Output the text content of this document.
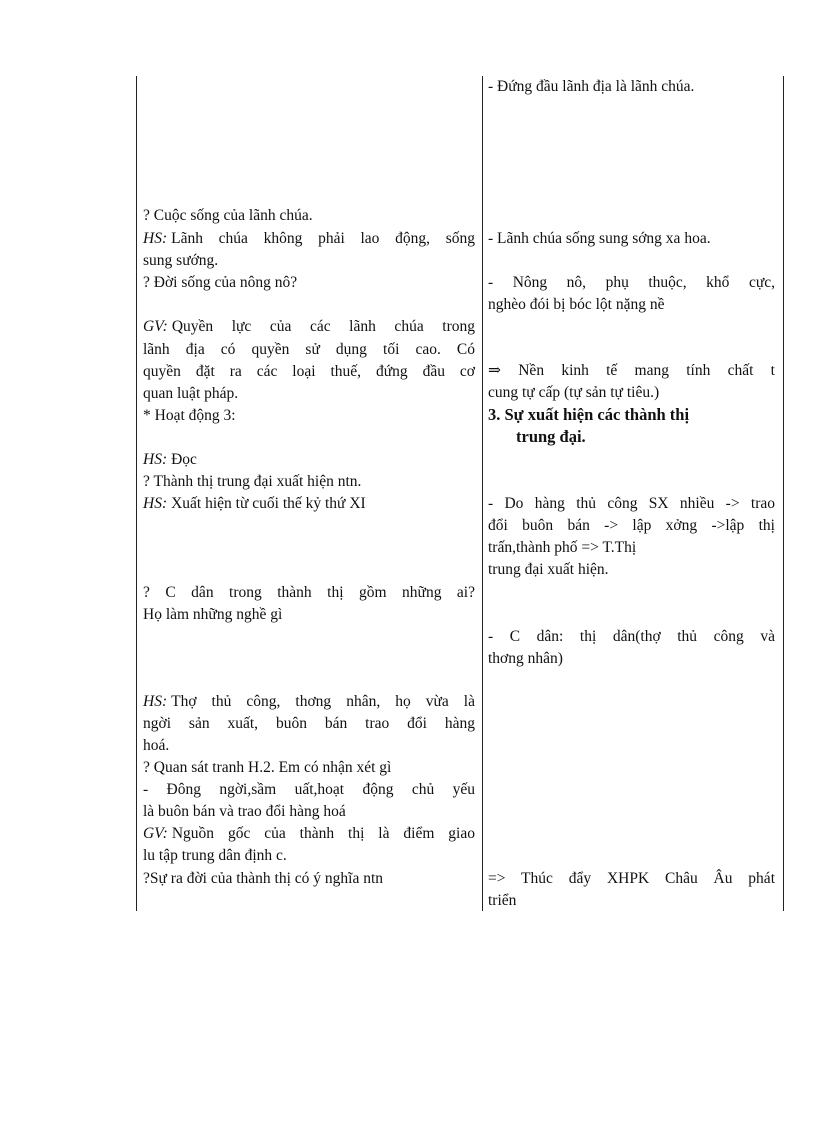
? Cuộc sống của lãnh chúa.
HS: Lãnh chúa không phải lao động, sống
sung sướng.
? Đời sống của nông nô?
GV: Quyền lực của các lãnh chúa trong
lãnh địa có quyền sử dụng tối cao. Có
quyền đặt ra các loại thuế, đứng đầu cơ
quan luật pháp.
* Hoạt động 3:
HS: Đọc
? Thành thị trung đại xuất hiện ntn.
HS: Xuất hiện từ cuối thế kỷ thứ XI
? C dân trong thành thị gồm những ai?
Họ làm những nghề gì
HS: Thợ thủ công, thơng nhân, họ vừa là
ngời sản xuất, buôn bán trao đổi hàng
hoá.
? Quan sát tranh H.2. Em có nhận xét gì
- Đông ngời,sầm uất,hoạt động chủ yếu
là buôn bán và trao đổi hàng hoá
GV: Nguồn gốc của thành thị là điểm giao
lu tập trung dân định c.
?Sự ra đời của thành thị có ý nghĩa ntn
- Đứng đầu lãnh địa là lãnh chúa.
- Lãnh chúa sống sung sớng xa hoa.
- Nông nô, phụ thuộc, khổ cực,
nghèo đói bị bóc lột nặng nề
⇒ Nền kinh tế mang tính chất t
cung tự cấp (tự sản tự tiêu.)
3. Sự xuất hiện các thành thị
trung đại.
- Do hàng thủ công SX nhiều -> trao
đổi buôn bán -> lập xởng ->lập thị
trấn,thành phố => T.Thị
trung đại xuất hiện.
- C dân: thị dân(thợ thủ công và
thơng nhân)
=> Thúc đẩy XHPK Châu Âu phát
triển
